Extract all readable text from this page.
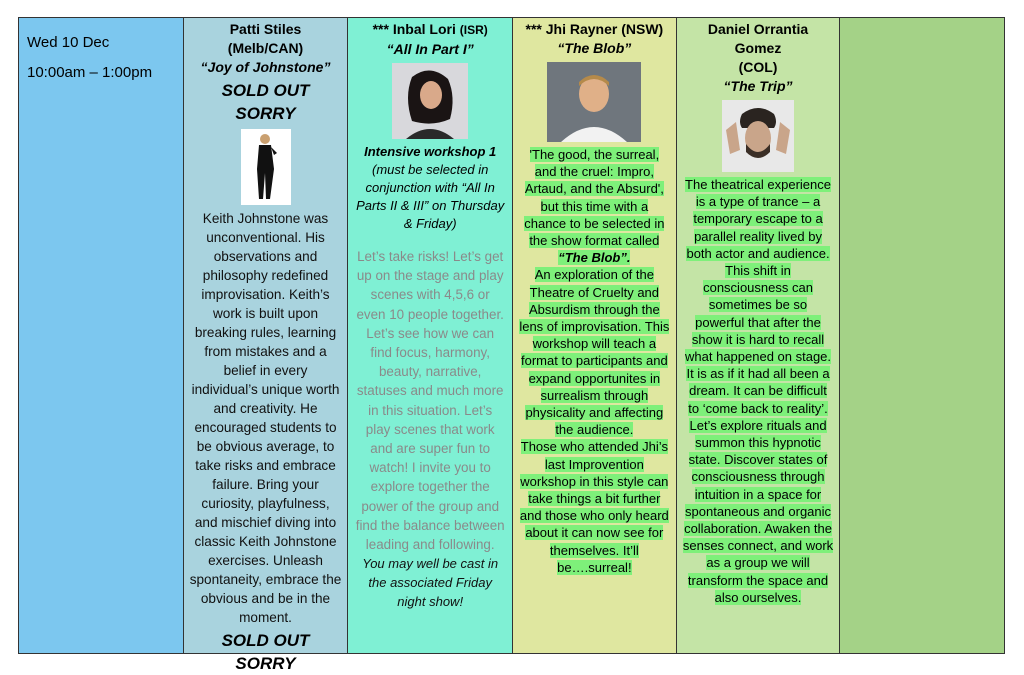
Wed 10 Dec
10:00am – 1:00pm
Patti Stiles
(Melb/CAN)
“Joy of Johnstone”
SOLD OUT SORRY
Keith Johnstone was unconventional. His observations and philosophy redefined improvisation. Keith’s work is built upon breaking rules, learning from mistakes and a belief in every individual’s unique worth and creativity. He encouraged students to be obvious average, to take risks and embrace failure. Bring your curiosity, playfulness, and mischief diving into classic Keith Johnstone exercises. Unleash spontaneity, embrace the obvious and be in the moment.
SOLD OUT SORRY
*** Inbal Lori (ISR)
“All In Part I”
Intensive workshop 1
(must be selected in conjunction with “All In Parts II & III” on Thursday & Friday)
Let’s take risks! Let’s get up on the stage and play scenes with 4,5,6 or even 10 people together. Let’s see how we can find focus, harmony, beauty, narrative, statuses and much more in this situation. Let’s play scenes that work and are super fun to watch! I invite you to explore together the power of the group and find the balance between leading and following.
You may well be cast in the associated Friday night show!
*** Jhi Rayner (NSW)
“The Blob”
'The good, the surreal, and the cruel: Impro, Artaud, and the Absurd', but this time with a chance to be selected in the show format called
“The Blob”.
An exploration of the Theatre of Cruelty and Absurdism through the lens of improvisation. This workshop will teach a format to participants and expand opportunites in surrealism through physicality and affecting the audience.
Those who attended Jhi’s last Improvention workshop in this style can take things a bit further and those who only heard about it can now see for themselves. It’ll be….surreal!
Daniel Orrantia Gomez
(COL)
“The Trip”
The theatrical experience is a type of trance – a temporary escape to a parallel reality lived by both actor and audience. This shift in consciousness can sometimes be so powerful that after the show it is hard to recall what happened on stage. It is as if it had all been a dream. It can be difficult to ‘come back to reality’. Let’s explore rituals and summon this hypnotic state. Discover states of consciousness through intuition in a space for spontaneous and organic collaboration. Awaken the senses connect, and work as a group we will transform the space and also ourselves.
